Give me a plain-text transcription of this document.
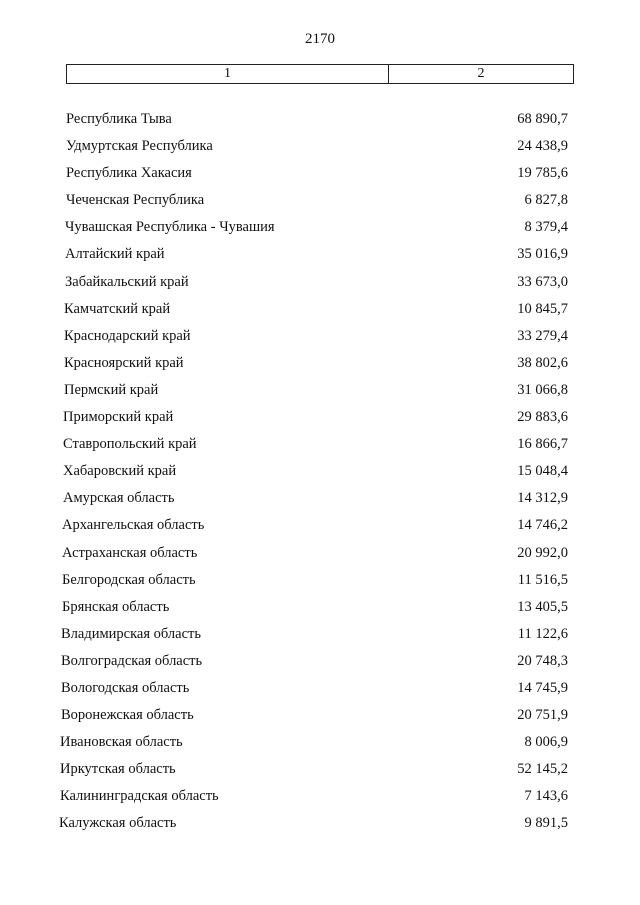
2170
1	2
Республика Тыва	68 890,7
Удмуртская Республика	24 438,9
Республика Хакасия	19 785,6
Чеченская Республика	6 827,8
Чувашская Республика - Чувашия	8 379,4
Алтайский край	35 016,9
Забайкальский край	33 673,0
Камчатский край	10 845,7
Краснодарский край	33 279,4
Красноярский край	38 802,6
Пермский край	31 066,8
Приморский край	29 883,6
Ставропольский край	16 866,7
Хабаровский край	15 048,4
Амурская область	14 312,9
Архангельская область	14 746,2
Астраханская область	20 992,0
Белгородская область	11 516,5
Брянская область	13 405,5
Владимирская область	11 122,6
Волгоградская область	20 748,3
Вологодская область	14 745,9
Воронежская область	20 751,9
Ивановская область	8 006,9
Иркутская область	52 145,2
Калининградская область	7 143,6
Калужская область	9 891,5
